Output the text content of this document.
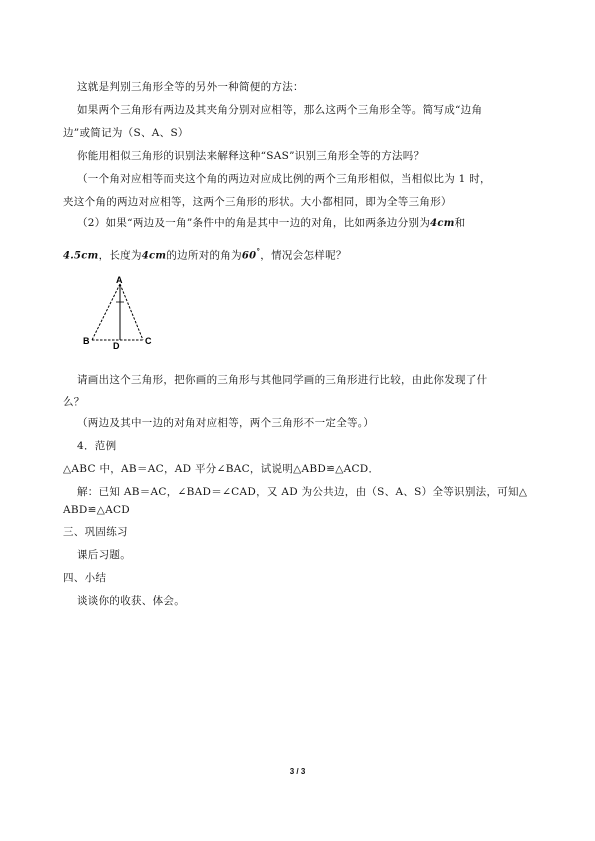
这就是判别三角形全等的另外一种简便的方法：
如果两个三角形有两边及其夹角分别对应相等，那么这两个三角形全等。简写成“边角
边”或简记为（S、A、S）
你能用相似三角形的识别法来解释这种“SAS”识别三角形全等的方法吗？
（一个角对应相等而夹这个角的两边对应成比例的两个三角形相似，当相似比为 1 时，
夹这个角的两边对应相等，这两个三角形的形状。大小都相同，即为全等三角形）
（2）如果“两边及一角”条件中的角是其中一边的对角，比如两条边分别为4cm和
4.5cm，长度为4cm的边所对的角为60°，情况会怎样呢？
A
B	C
D
请画出这个三角形，把你画的三角形与其他同学画的三角形进行比较，由此你发现了什
么？
（两边及其中一边的对角对应相等，两个三角形不一定全等。）
4．范例
△ABC 中，AB＝AC，AD 平分∠BAC，试说明△ABD≌△ACD．
解：已知 AB＝AC，∠BAD＝∠CAD，又 AD 为公共边，由（S、A、S）全等识别法，可知△
ABD≌△ACD
三、巩固练习
课后习题。
四、小结
谈谈你的收获、体会。
3 / 3
